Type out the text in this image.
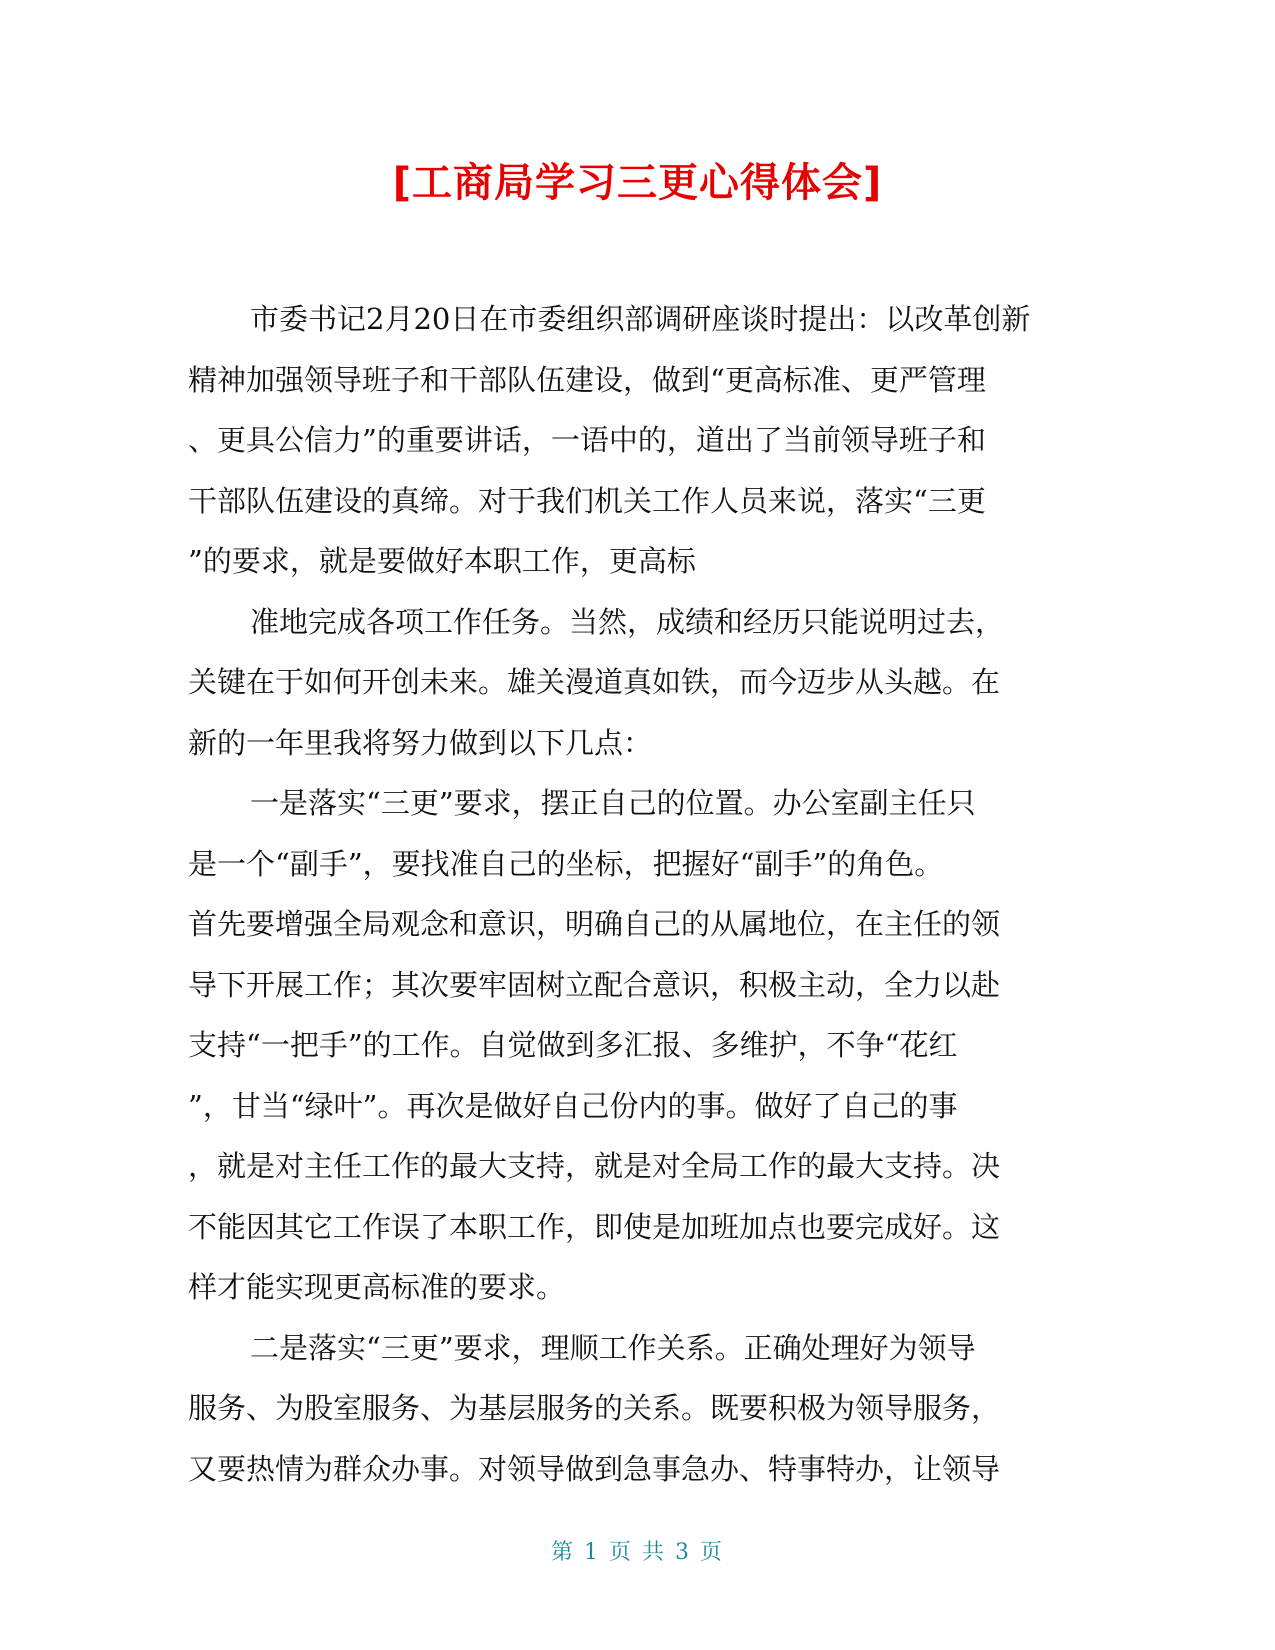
[工商局学习三更心得体会]
市委书记2月20日在市委组织部调研座谈时提出：以改革创新
精神加强领导班子和干部队伍建设，做到“更高标准、更严管理
、更具公信力”的重要讲话，一语中的，道出了当前领导班子和
干部队伍建设的真缔。对于我们机关工作人员来说，落实“三更
”的要求，就是要做好本职工作，更高标
准地完成各项工作任务。当然，成绩和经历只能说明过去，
关键在于如何开创未来。雄关漫道真如铁，而今迈步从头越。在
新的一年里我将努力做到以下几点：
一是落实“三更”要求，摆正自己的位置。办公室副主任只
是一个“副手”，要找准自己的坐标，把握好“副手”的角色。
首先要增强全局观念和意识，明确自己的从属地位，在主任的领
导下开展工作；其次要牢固树立配合意识，积极主动，全力以赴
支持“一把手”的工作。自觉做到多汇报、多维护，不争“花红
”，甘当“绿叶”。再次是做好自己份内的事。做好了自己的事
，就是对主任工作的最大支持，就是对全局工作的最大支持。决
不能因其它工作误了本职工作，即使是加班加点也要完成好。这
样才能实现更高标准的要求。
二是落实“三更”要求，理顺工作关系。正确处理好为领导
服务、为股室服务、为基层服务的关系。既要积极为领导服务，
又要热情为群众办事。对领导做到急事急办、特事特办，让领导
第 1 页 共 3 页
